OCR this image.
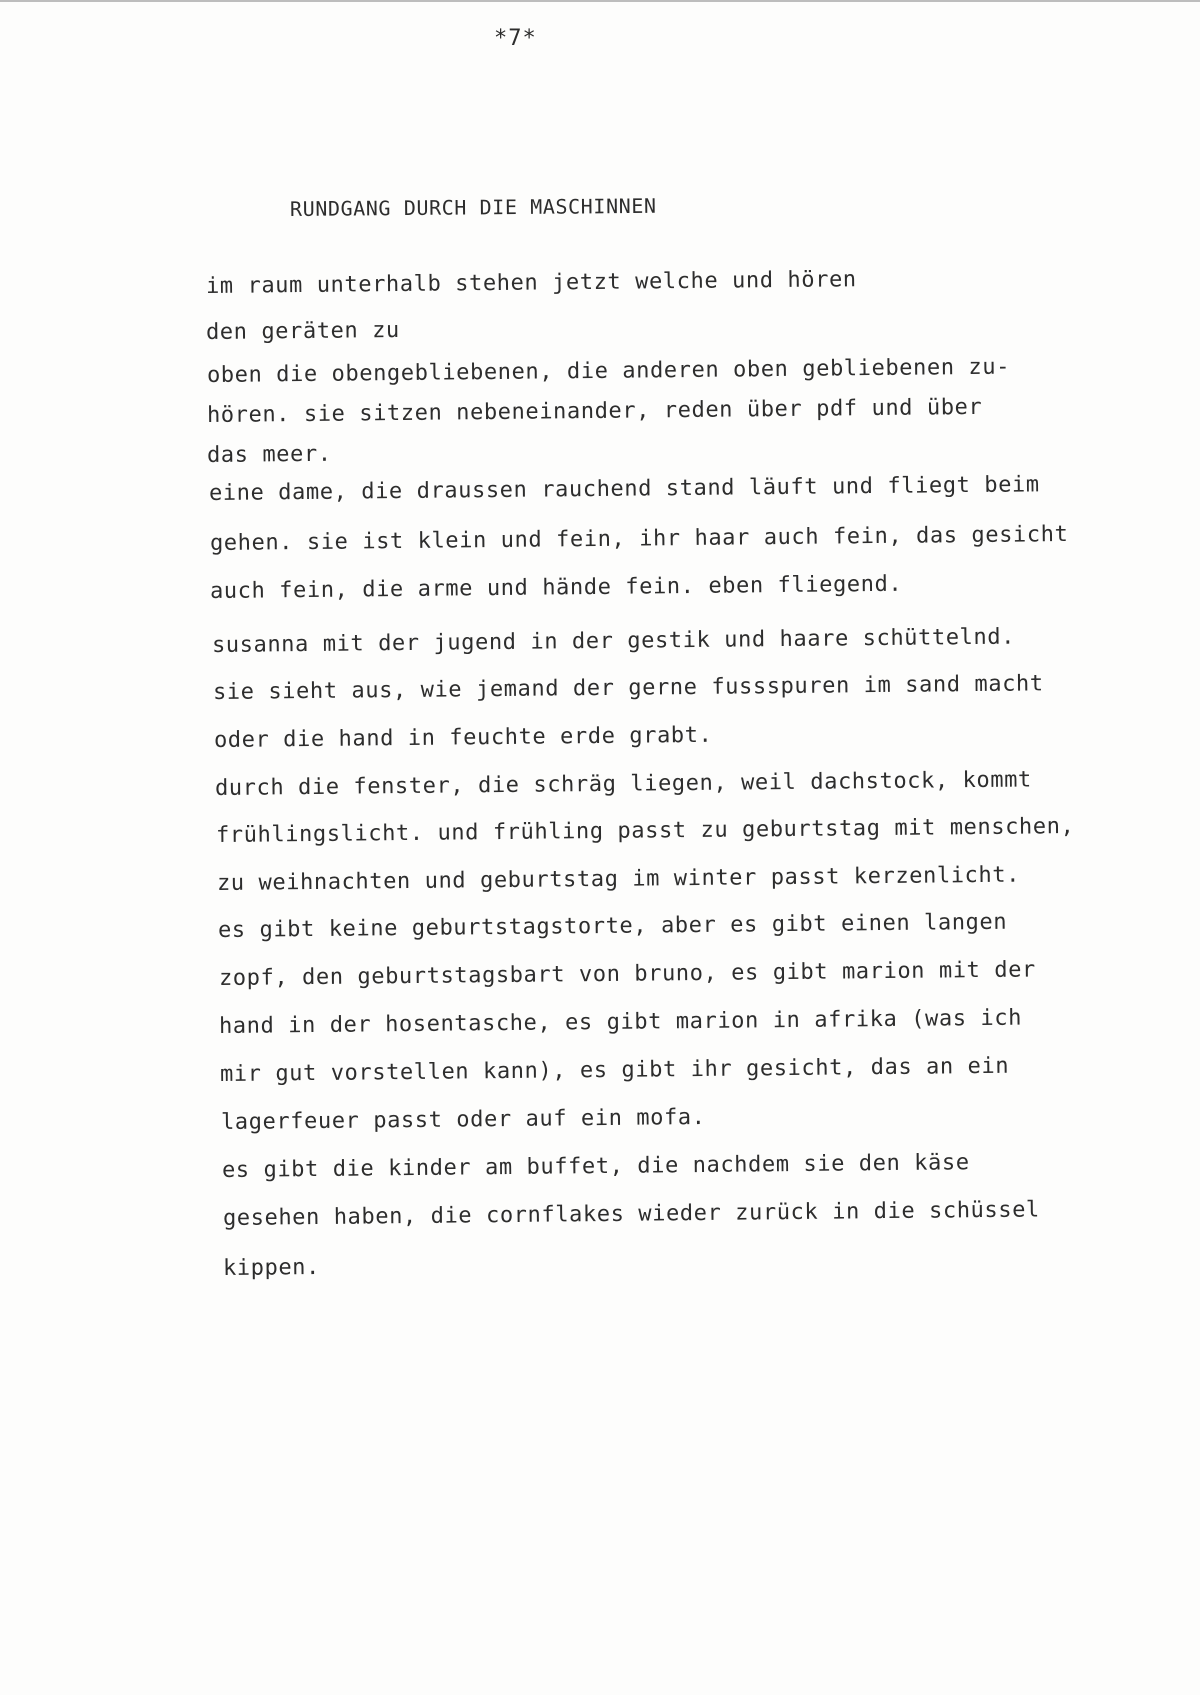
*7*
RUNDGANG DURCH DIE MASCHINNEN
im raum unterhalb stehen jetzt welche und hören
den geräten zu
oben die obengebliebenen, die anderen oben gebliebenen zu-
hören. sie sitzen nebeneinander, reden über pdf und über
das meer.
eine dame, die draussen rauchend stand läuft und fliegt beim
gehen. sie ist klein und fein, ihr haar auch fein, das gesicht
auch fein, die arme und hände fein. eben fliegend.
susanna mit der jugend in der gestik und haare schüttelnd.
sie sieht aus, wie jemand der gerne fussspuren im sand macht
oder die hand in feuchte erde grabt.
durch die fenster, die schräg liegen, weil dachstock, kommt
frühlingslicht. und frühling passt zu geburtstag mit menschen,
zu weihnachten und geburtstag im winter passt kerzenlicht.
es gibt keine geburtstagstorte, aber es gibt einen langen
zopf, den geburtstagsbart von bruno, es gibt marion mit der
hand in der hosentasche, es gibt marion in afrika (was ich
mir gut vorstellen kann), es gibt ihr gesicht, das an ein
lagerfeuer passt oder auf ein mofa.
es gibt die kinder am buffet, die nachdem sie den käse
gesehen haben, die cornflakes wieder zurück in die schüssel
kippen.
